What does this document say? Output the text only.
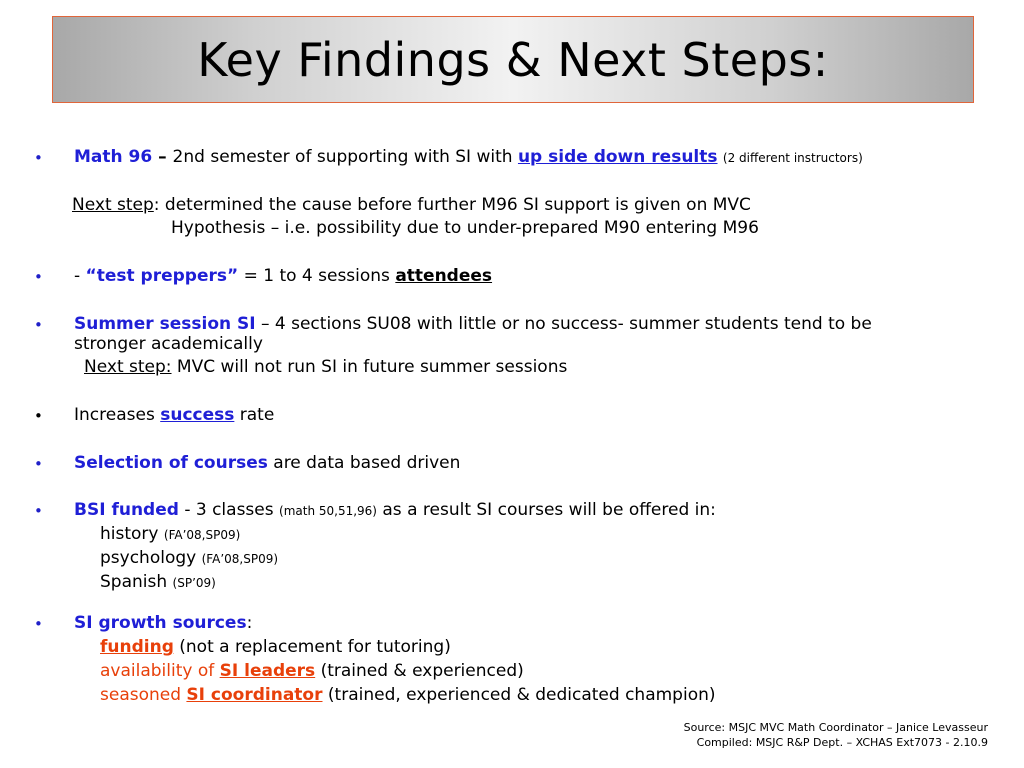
Key Findings & Next Steps:
• Math 96 – 2nd semester of supporting with SI with up side down results (2 different instructors)
Next step: determined the cause before further M96 SI support is given on MVC
Hypothesis – i.e. possibility due to under-prepared M90 entering M96
• - “test preppers” = 1 to 4 sessions attendees
• Summer session SI – 4 sections SU08 with little or no success- summer students tend to be
stronger academically
Next step: MVC will not run SI in future summer sessions
• Increases success rate
• Selection of courses are data based driven
• BSI funded - 3 classes (math 50,51,96) as a result SI courses will be offered in:
history (FA’08,SP09)
psychology (FA’08,SP09)
Spanish (SP’09)
• SI growth sources:
funding (not a replacement for tutoring)
availability of SI leaders (trained & experienced)
seasoned SI coordinator (trained, experienced & dedicated champion)
Source: MSJC MVC Math Coordinator – Janice Levasseur
Compiled: MSJC R&P Dept. – XCHAS Ext7073 - 2.10.9
